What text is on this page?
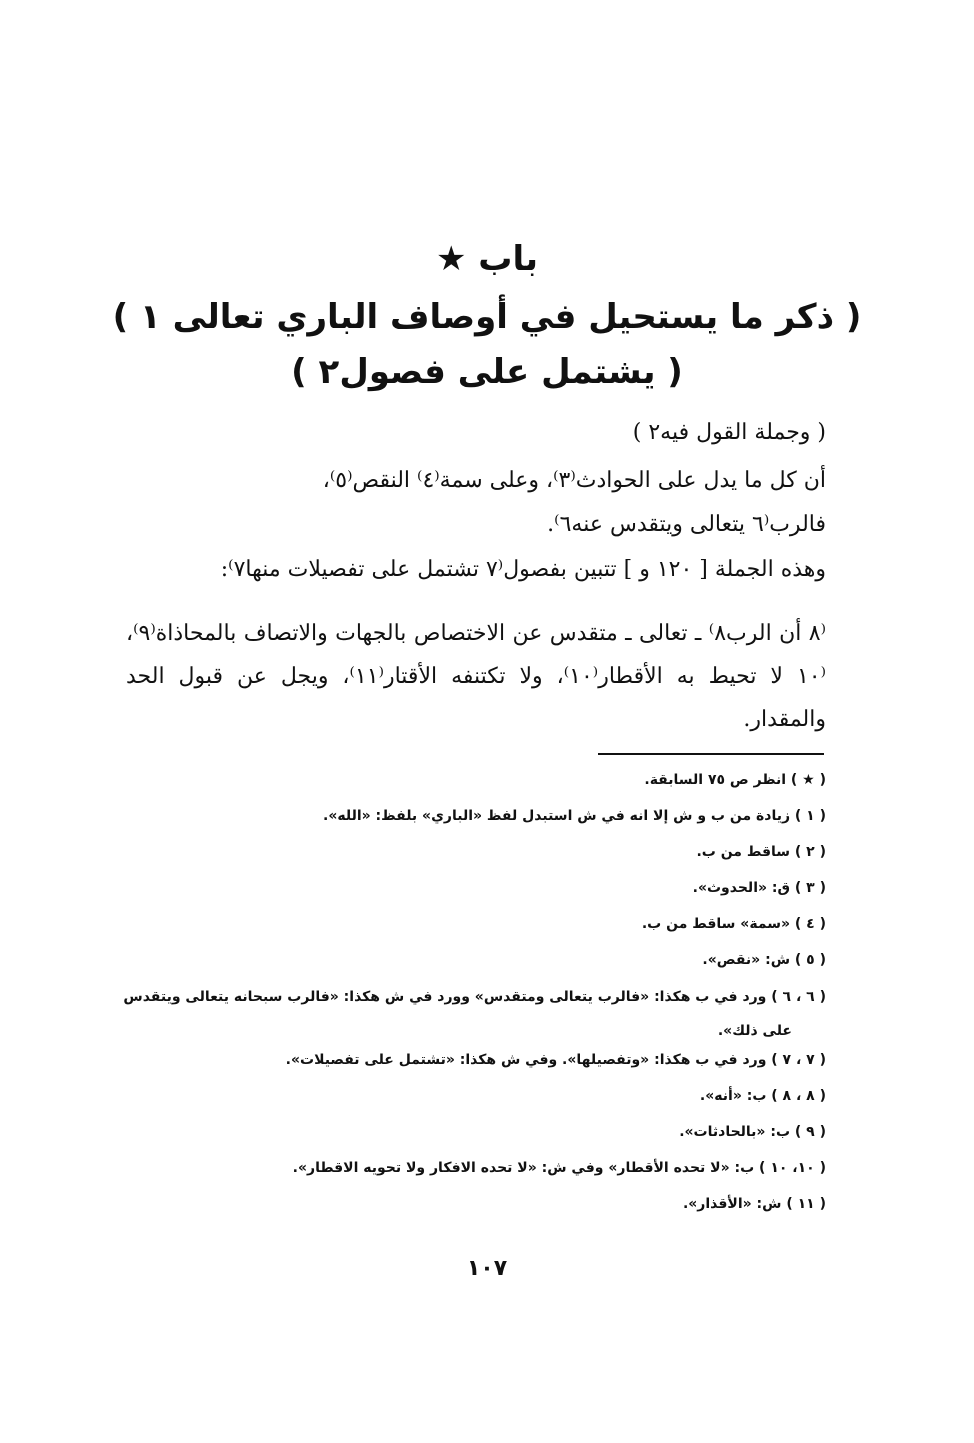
باب ★
( ذكر ما يستحيل في أوصاف الباري تعالى ١ )
( يشتمل على فصول٢ )
( وجملة القول فيه٢ )
أن كل ما يدل على الحوادث⁽٣⁾، وعلى سمة⁽٤⁾ النقص⁽٥⁾،
فالرب⁽٦ يتعالى ويتقدس عنه٦⁾.
وهذه الجملة [ ١٢٠ و ] تتبين بفصول⁽٧ تشتمل على تفصيلات منها٧⁾:
⁽٨ أن الرب٨⁾ ـ تعالى ـ متقدس عن الاختصاص بالجهات والاتصاف بالمحاذاة⁽٩⁾، ⁽١٠ لا تحيط به الأقطار⁽١٠⁾، ولا تكتنفه الأقتار⁽١١⁾، ويجل عن قبول الحد والمقدار.
( ★ ) انظر ص ٧٥ السابقة.
( ١ ) زيادة من ب و ش إلا انه في ش استبدل لفظ «الباري» بلفظ: «الله».
( ٢ ) ساقط من ب.
( ٣ ) ق: «الحدوث».
( ٤ ) «سمة» ساقط من ب.
( ٥ ) ش: «نقص».
( ٦ ، ٦ ) ورد في ب هكذا: «فالرب يتعالى ومتقدس» وورد في ش هكذا: «فالرب سبحانه يتعالى ويتقدس على ذلك».
( ٧ ، ٧ ) ورد في ب هكذا: «وتفصيلها». وفي ش هكذا: «تشتمل على تفصيلات».
( ٨ ، ٨ ) ب: «أنه».
( ٩ ) ب: «بالحادثات».
( ١٠، ١٠ ) ب: «لا تحده الأقطار» وفي ش: «لا تحده الافكار ولا تحويه الاقطار».
( ١١ ) ش: «الأقذار».
١٠٧
